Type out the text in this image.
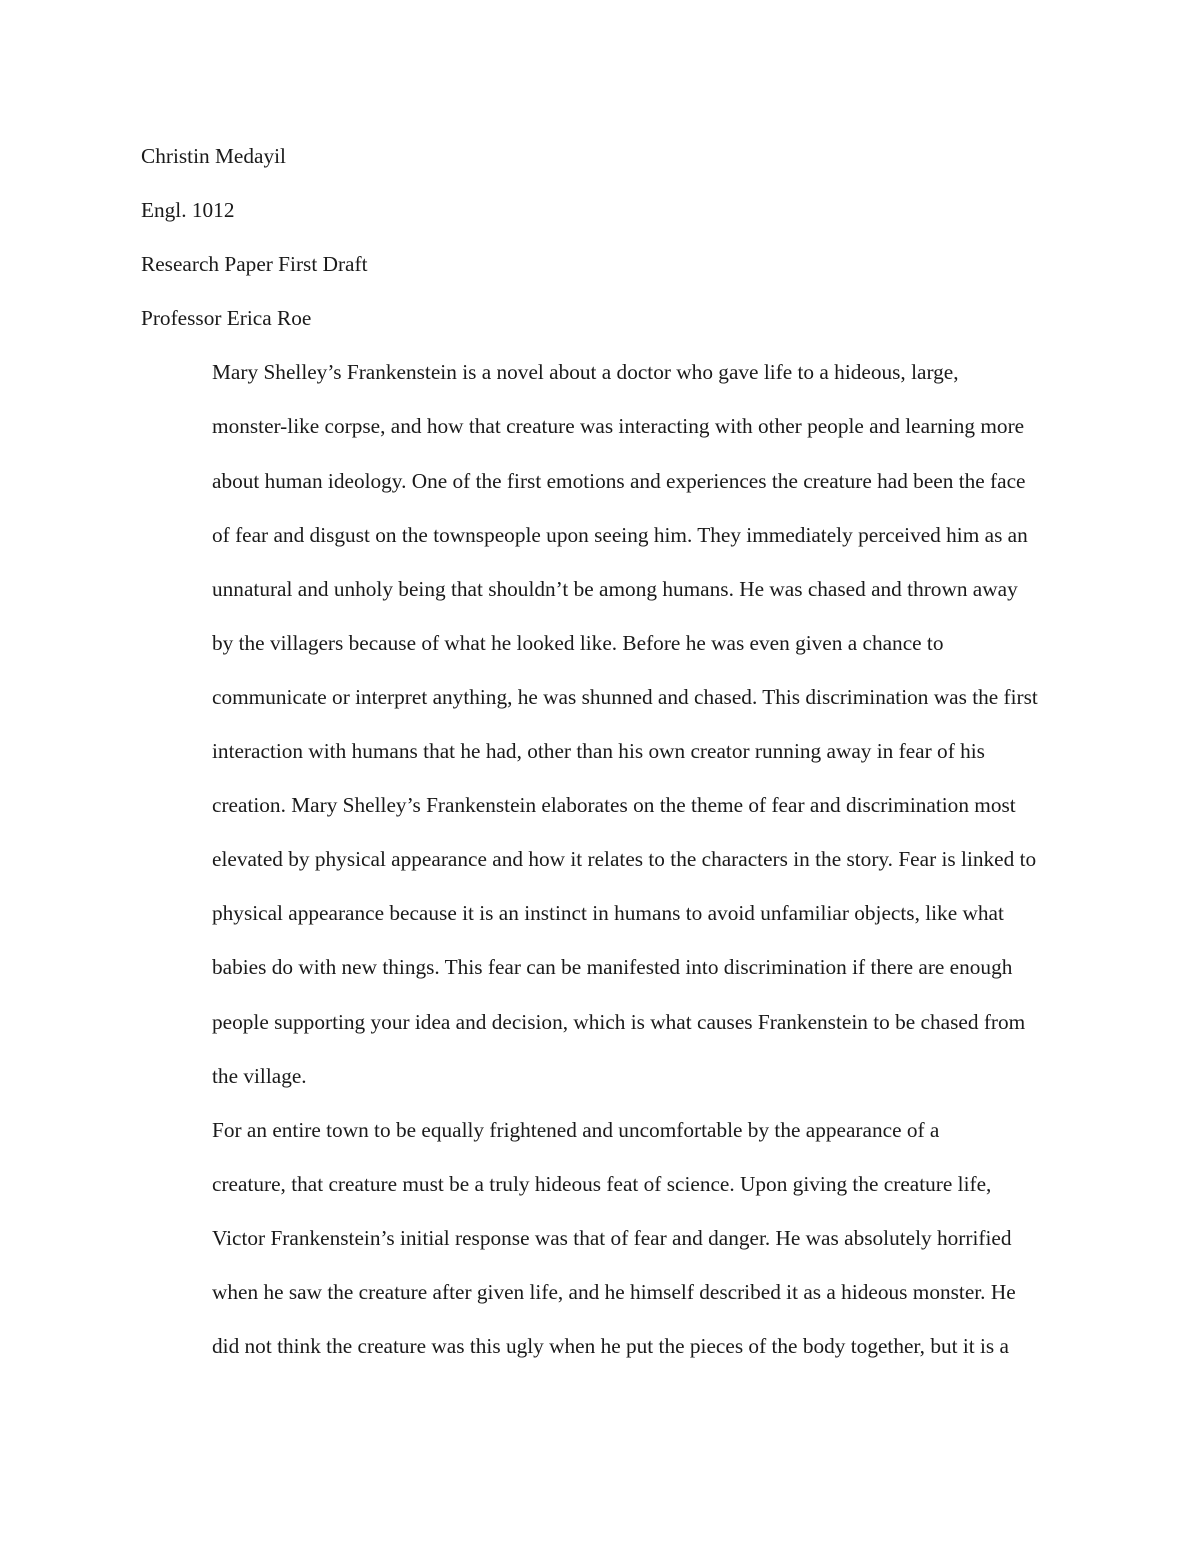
Christin Medayil

Engl. 1012

Research Paper First Draft

Professor Erica Roe

Mary Shelley’s Frankenstein is a novel about a doctor who gave life to a hideous, large,
monster-like corpse, and how that creature was interacting with other people and learning more
about human ideology. One of the first emotions and experiences the creature had been the face
of fear and disgust on the townspeople upon seeing him. They immediately perceived him as an
unnatural and unholy being that shouldn’t be among humans. He was chased and thrown away
by the villagers because of what he looked like. Before he was even given a chance to
communicate or interpret anything, he was shunned and chased. This discrimination was the first
interaction with humans that he had, other than his own creator running away in fear of his
creation. Mary Shelley’s Frankenstein elaborates on the theme of fear and discrimination most
elevated by physical appearance and how it relates to the characters in the story. Fear is linked to
physical appearance because it is an instinct in humans to avoid unfamiliar objects, like what
babies do with new things. This fear can be manifested into discrimination if there are enough
people supporting your idea and decision, which is what causes Frankenstein to be chased from
the village.

For an entire town to be equally frightened and uncomfortable by the appearance of a
creature, that creature must be a truly hideous feat of science. Upon giving the creature life,
Victor Frankenstein’s initial response was that of fear and danger. He was absolutely horrified
when he saw the creature after given life, and he himself described it as a hideous monster. He
did not think the creature was this ugly when he put the pieces of the body together, but it is a
